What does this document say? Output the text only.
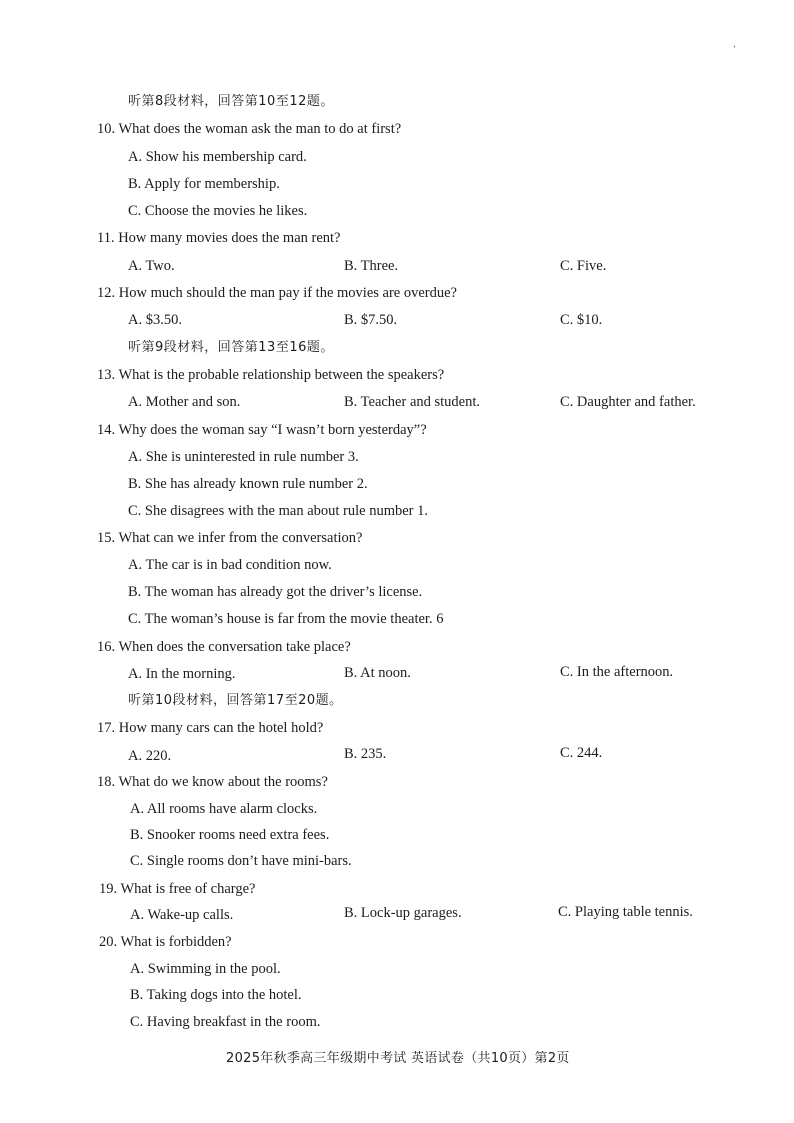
ʼ
听第8段材料，回答第10至12题。
10. What does the woman ask the man to do at first?
A. Show his membership card.
B. Apply for membership.
C. Choose the movies he likes.
11. How many movies does the man rent?
A. Two.	B. Three.	C. Five.
12. How much should the man pay if the movies are overdue?
A. $3.50.	B. $7.50.	C. $10.
听第9段材料，回答第13至16题。
13. What is the probable relationship between the speakers?
A. Mother and son.	B. Teacher and student.	C. Daughter and father.
14. Why does the woman say “I wasn’t born yesterday”?
A. She is uninterested in rule number 3.
B. She has already known rule number 2.
C. She disagrees with the man about rule number 1.
15. What can we infer from the conversation?
A. The car is in bad condition now.
B. The woman has already got the driver’s license.
C. The woman’s house is far from the movie theater. 6
16. When does the conversation take place?
A. In the morning.	B. At noon.	C. In the afternoon.
听第10段材料，回答第17至20题。
17. How many cars can the hotel hold?
A. 220.	B. 235.	C. 244.
18. What do we know about the rooms?
A. All rooms have alarm clocks.
B. Snooker rooms need extra fees.
C. Single rooms don’t have mini-bars.
19. What is free of charge?
A. Wake-up calls.	B. Lock-up garages.	C. Playing table tennis.
20. What is forbidden?
A. Swimming in the pool.
B. Taking dogs into the hotel.
C. Having breakfast in the room.
2025年秋季高三年级期中考试 英语试卷（共10页）第2页
